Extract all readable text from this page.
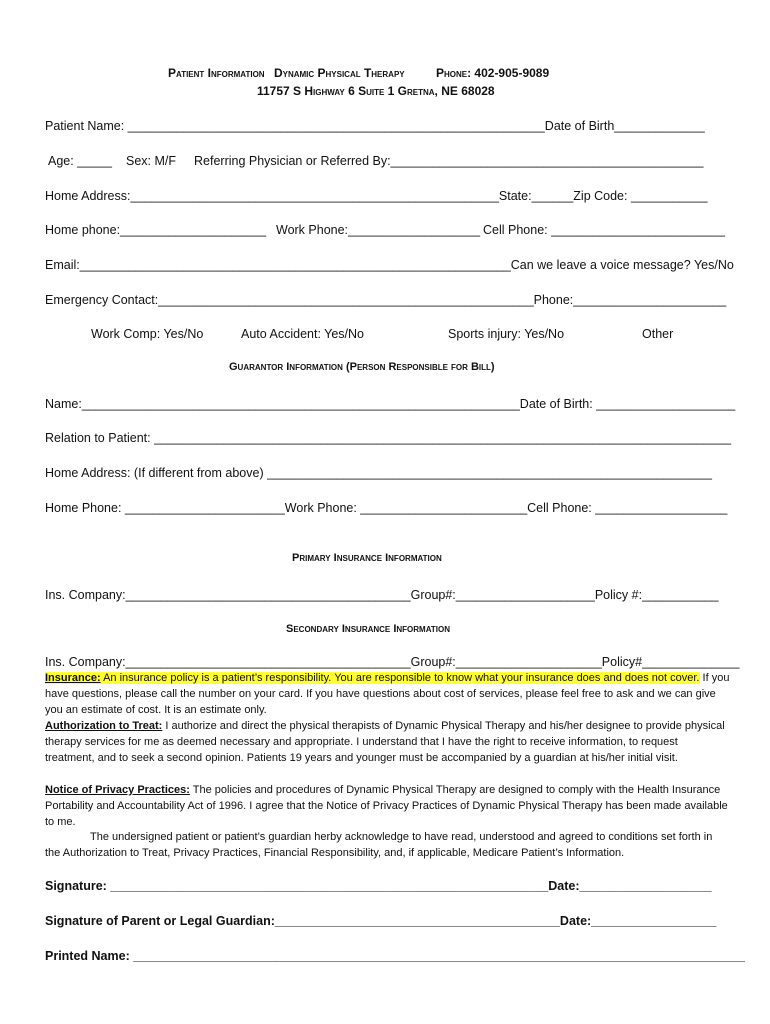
Patient Information Dynamic Physical Therapy	Phone: 402-905-9089
11757 S Highway 6 Suite 1 Gretna, NE 68028
Patient Name: ____________________________________________________________Date of Birth_____________
Age: _____ Sex: M/F Referring Physician or Referred By:_____________________________________________
Home Address:_____________________________________________________State:______Zip Code: ___________
Home phone:_____________________ Work Phone:___________________ Cell Phone: _________________________
Email:______________________________________________________________Can we leave a voice message? Yes/No
Emergency Contact:______________________________________________________Phone:______________________
Work Comp: Yes/No	Auto Accident: Yes/No	Sports injury: Yes/No	Other
Guarantor Information (Person Responsible for Bill)
Name:_______________________________________________________________Date of Birth: ____________________
Relation to Patient: ___________________________________________________________________________________
Home Address: (If different from above) ________________________________________________________________
Home Phone: _______________________Work Phone: ________________________Cell Phone: ___________________
Primary Insurance Information
Ins. Company:_________________________________________Group#:____________________Policy #:___________
Secondary Insurance Information
Ins. Company:_________________________________________Group#:_____________________Policy#______________
Insurance: An insurance policy is a patient’s responsibility. You are responsible to know what your insurance does and does not cover. If you have questions, please call the number on your card. If you have questions about cost of services, please feel free to ask and we can give you an estimate of cost. It is an estimate only.
Authorization to Treat: I authorize and direct the physical therapists of Dynamic Physical Therapy and his/her designee to provide physical therapy services for me as deemed necessary and appropriate. I understand that I have the right to receive information, to request treatment, and to seek a second opinion. Patients 19 years and younger must be accompanied by a guardian at his/her initial visit.
Notice of Privacy Practices: The policies and procedures of Dynamic Physical Therapy are designed to comply with the Health Insurance Portability and Accountability Act of 1996. I agree that the Notice of Privacy Practices of Dynamic Physical Therapy has been made available to me.
The undersigned patient or patient’s guardian herby acknowledge to have read, understood and agreed to conditions set forth in the Authorization to Treat, Privacy Practices, Financial Responsibility, and, if applicable, Medicare Patient’s Information.
Signature: _______________________________________________________________Date:___________________
Signature of Parent or Legal Guardian:_________________________________________Date:__________________
Printed Name: ________________________________________________________________________________________
